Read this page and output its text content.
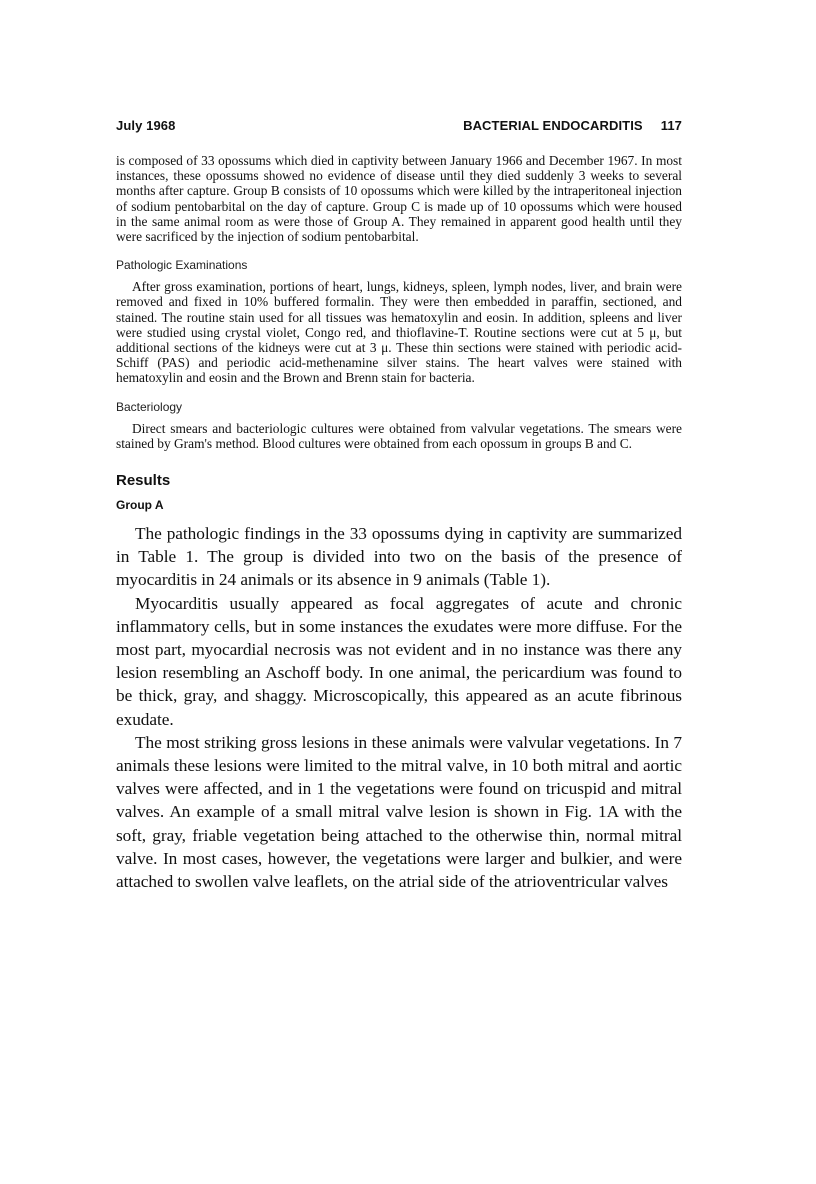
July 1968	BACTERIAL ENDOCARDITIS 117

is composed of 33 opossums which died in captivity between January 1966 and December 1967. In most instances, these opossums showed no evidence of disease until they died suddenly 3 weeks to several months after capture. Group B consists of 10 opossums which were killed by the intraperitoneal injection of sodium pentobarbital on the day of capture. Group C is made up of 10 opossums which were housed in the same animal room as were those of Group A. They remained in apparent good health until they were sacrificed by the injection of sodium pentobarbital.

Pathologic Examinations

After gross examination, portions of heart, lungs, kidneys, spleen, lymph nodes, liver, and brain were removed and fixed in 10% buffered formalin. They were then embedded in paraffin, sectioned, and stained. The routine stain used for all tissues was hematoxylin and eosin. In addition, spleens and liver were studied using crystal violet, Congo red, and thioflavine-T. Routine sections were cut at 5 μ, but additional sections of the kidneys were cut at 3 μ. These thin sections were stained with periodic acid-Schiff (PAS) and periodic acid-methenamine silver stains. The heart valves were stained with hematoxylin and eosin and the Brown and Brenn stain for bacteria.

Bacteriology

Direct smears and bacteriologic cultures were obtained from valvular vegetations. The smears were stained by Gram's method. Blood cultures were obtained from each opossum in groups B and C.

Results
Group A

The pathologic findings in the 33 opossums dying in captivity are summarized in Table 1. The group is divided into two on the basis of the presence of myocarditis in 24 animals or its absence in 9 animals (Table 1).

Myocarditis usually appeared as focal aggregates of acute and chronic inflammatory cells, but in some instances the exudates were more diffuse. For the most part, myocardial necrosis was not evident and in no instance was there any lesion resembling an Aschoff body. In one animal, the pericardium was found to be thick, gray, and shaggy. Microscopically, this appeared as an acute fibrinous exudate.

The most striking gross lesions in these animals were valvular vegetations. In 7 animals these lesions were limited to the mitral valve, in 10 both mitral and aortic valves were affected, and in 1 the vegetations were found on tricuspid and mitral valves. An example of a small mitral valve lesion is shown in Fig. 1A with the soft, gray, friable vegetation being attached to the otherwise thin, normal mitral valve. In most cases, however, the vegetations were larger and bulkier, and were attached to swollen valve leaflets, on the atrial side of the atrioventricular valves
